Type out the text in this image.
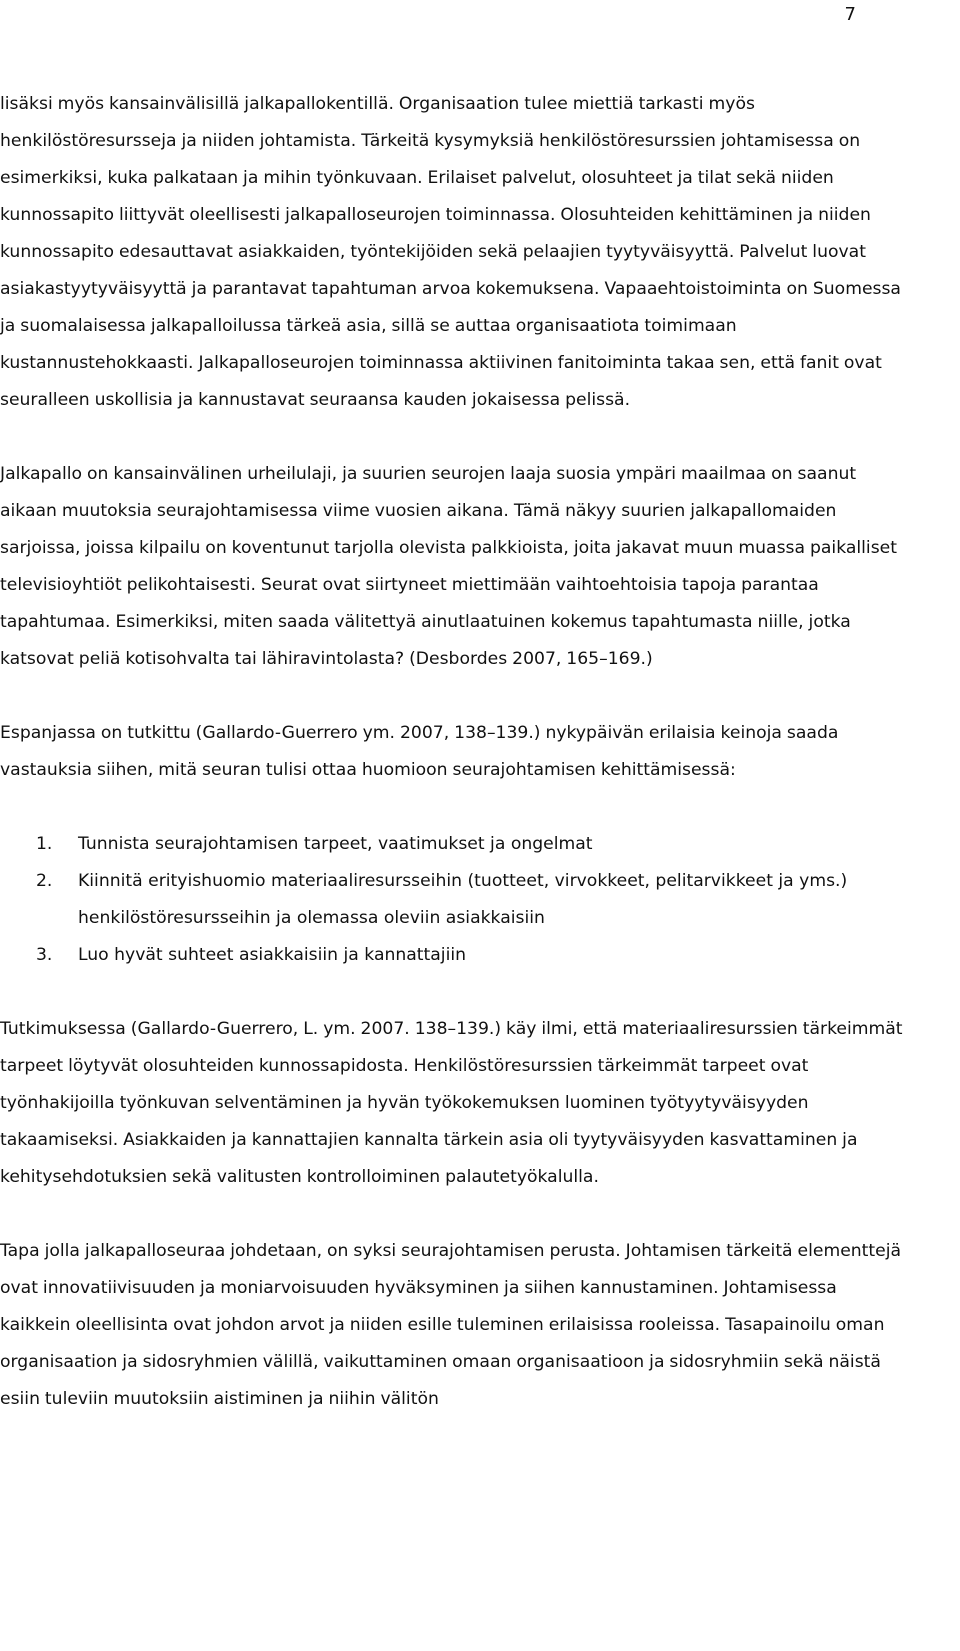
7

lisäksi myös kansainvälisillä jalkapallokentillä. Organisaation tulee miettiä tarkasti myös henkilöstöresursseja ja niiden johtamista. Tärkeitä kysymyksiä henkilöstöresurssien johtamisessa on esimerkiksi, kuka palkataan ja mihin työnkuvaan. Erilaiset palvelut, olosuhteet ja tilat sekä niiden kunnossapito liittyvät oleellisesti jalkapalloseurojen toiminnassa. Olosuhteiden kehittäminen ja niiden kunnossapito edesauttavat asiakkaiden, työntekijöiden sekä pelaajien tyytyväisyyttä. Palvelut luovat asiakastyytyväisyyttä ja parantavat tapahtuman arvoa kokemuksena. Vapaaehtoistoiminta on Suomessa ja suomalaisessa jalkapalloilussa tärkeä asia, sillä se auttaa organisaatiota toimimaan kustannustehokkaasti. Jalkapalloseurojen toiminnassa aktiivinen fanitoiminta takaa sen, että fanit ovat seuralleen uskollisia ja kannustavat seuraansa kauden jokaisessa pelissä.

Jalkapallo on kansainvälinen urheilulaji, ja suurien seurojen laaja suosia ympäri maailmaa on saanut aikaan muutoksia seurajohtamisessa viime vuosien aikana. Tämä näkyy suurien jalkapallomaiden sarjoissa, joissa kilpailu on koventunut tarjolla olevista palkkioista, joita jakavat muun muassa paikalliset televisioyhtiöt pelikohtaisesti. Seurat ovat siirtyneet miettimään vaihtoehtoisia tapoja parantaa tapahtumaa. Esimerkiksi, miten saada välitettyä ainutlaatuinen kokemus tapahtumasta niille, jotka katsovat peliä kotisohvalta tai lähiravintolasta? (Desbordes 2007, 165–169.)

Espanjassa on tutkittu (Gallardo-Guerrero ym. 2007, 138–139.) nykypäivän erilaisia keinoja saada vastauksia siihen, mitä seuran tulisi ottaa huomioon seurajohtamisen kehittämisessä:

1.	Tunnista seurajohtamisen tarpeet, vaatimukset ja ongelmat
2.	Kiinnitä erityishuomio materiaaliresursseihin (tuotteet, virvokkeet, pelitarvikkeet ja yms.) henkilöstöresursseihin ja olemassa oleviin asiakkaisiin
3.	Luo hyvät suhteet asiakkaisiin ja kannattajiin

Tutkimuksessa (Gallardo-Guerrero, L. ym. 2007. 138–139.) käy ilmi, että materiaaliresurssien tärkeimmät tarpeet löytyvät olosuhteiden kunnossapidosta. Henkilöstöresurssien tärkeimmät tarpeet ovat työnhakijoilla työnkuvan selventäminen ja hyvän työkokemuksen luominen työtyytyväisyyden takaamiseksi. Asiakkaiden ja kannattajien kannalta tärkein asia oli tyytyväisyyden kasvattaminen ja kehitysehdotuksien sekä valitusten kontrolloiminen palautetyökalulla.

Tapa jolla jalkapalloseuraa johdetaan, on syksi seurajohtamisen perusta. Johtamisen tärkeitä elementtejä ovat innovatiivisuuden ja moniarvoisuuden hyväksyminen ja siihen kannustaminen. Johtamisessa kaikkein oleellisinta ovat johdon arvot ja niiden esille tuleminen erilaisissa rooleissa. Tasapainoilu oman organisaation ja sidosryhmien välillä, vaikuttaminen omaan organisaatioon ja sidosryhmiin sekä näistä esiin tuleviin muutoksiin aistiminen ja niihin välitön
